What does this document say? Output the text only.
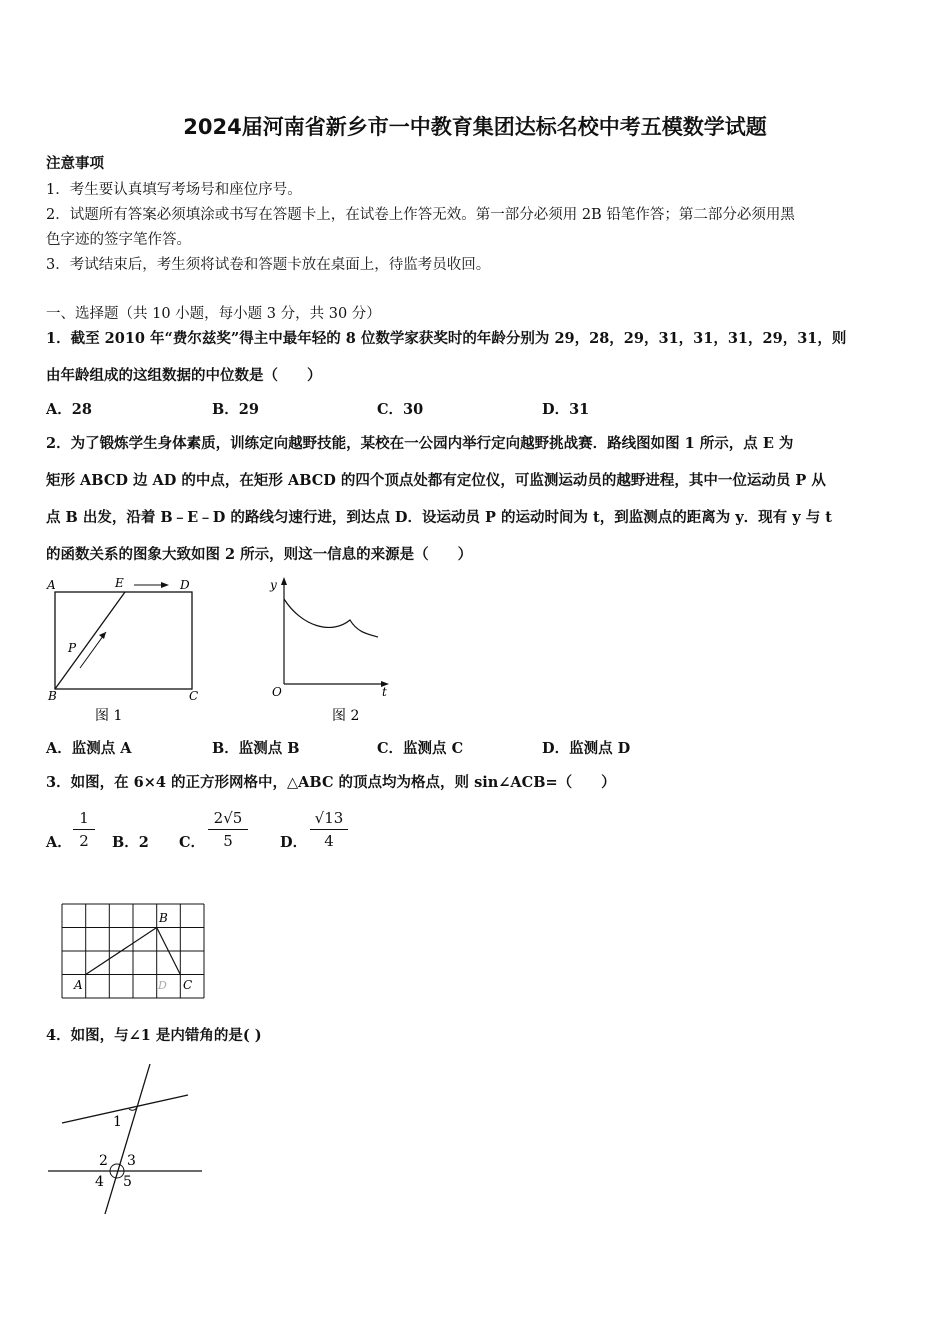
2024届河南省新乡市一中教育集团达标名校中考五模数学试题
注意事项
1．考生要认真填写考场号和座位序号。
2．试题所有答案必须填涂或书写在答题卡上，在试卷上作答无效。第一部分必须用 2B 铅笔作答；第二部分必须用黑
色字迹的签字笔作答。
3．考试结束后，考生须将试卷和答题卡放在桌面上，待监考员收回。
一、选择题（共 10 小题，每小题 3 分，共 30 分）
1．截至 2010 年“费尔兹奖”得主中最年轻的 8 位数学家获奖时的年龄分别为 29，28，29，31，31，31，29，31，则
由年龄组成的这组数据的中位数是（　　）
A．28	B．29	C．30	D．31
2．为了锻炼学生身体素质，训练定向越野技能，某校在一公园内举行定向越野挑战赛．路线图如图 1 所示，点 E 为
矩形 ABCD 边 AD 的中点，在矩形 ABCD 的四个顶点处都有定位仪，可监测运动员的越野进程，其中一位运动员 P 从
点 B 出发，沿着 B﹣E﹣D 的路线匀速行进，到达点 D．设运动员 P 的运动时间为 t，到监测点的距离为 y．现有 y 与 t
的函数关系的图象大致如图 2 所示，则这一信息的来源是（　　）
A	E	D
P
B	C
图 1
y
O	t
图 2
A．监测点 A	B．监测点 B	C．监测点 C	D．监测点 D
3．如图，在 6×4 的正方形网格中，△ABC 的顶点均为格点，则 sin∠ACB=（　　）
A．
1
2	B．2 C．
2√5
5	D．
√13
4
A
B
C
D
4．如图，与∠1 是内错角的是( )
1
2 3
4 5
